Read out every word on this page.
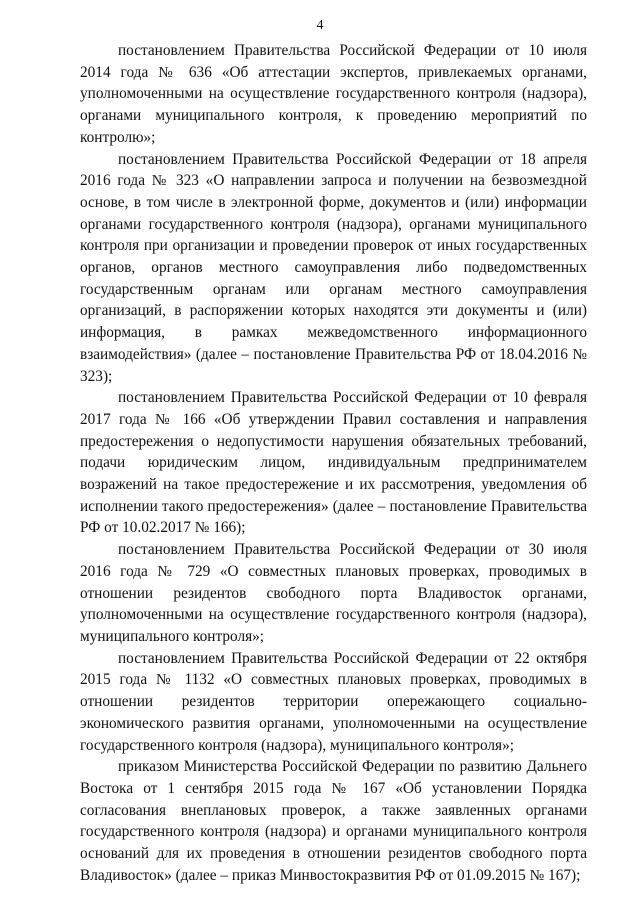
4

постановлением Правительства Российской Федерации от 10 июля 2014 года № 636 «Об аттестации экспертов, привлекаемых органами, уполномоченными на осуществление государственного контроля (надзора), органами муниципального контроля, к проведению мероприятий по контролю»;

постановлением Правительства Российской Федерации от 18 апреля 2016 года № 323 «О направлении запроса и получении на безвозмездной основе, в том числе в электронной форме, документов и (или) информации органами государственного контроля (надзора), органами муниципального контроля при организации и проведении проверок от иных государственных органов, органов местного самоуправления либо подведомственных государственным органам или органам местного самоуправления организаций, в распоряжении которых находятся эти документы и (или) информация, в рамках межведомственного информационного взаимодействия» (далее – постановление Правительства РФ от 18.04.2016 № 323);

постановлением Правительства Российской Федерации от 10 февраля 2017 года № 166 «Об утверждении Правил составления и направления предостережения о недопустимости нарушения обязательных требований, подачи юридическим лицом, индивидуальным предпринимателем возражений на такое предостережение и их рассмотрения, уведомления об исполнении такого предостережения» (далее – постановление Правительства РФ от 10.02.2017 № 166);

постановлением Правительства Российской Федерации от 30 июля 2016 года № 729 «О совместных плановых проверках, проводимых в отношении резидентов свободного порта Владивосток органами, уполномоченными на осуществление государственного контроля (надзора), муниципального контроля»;

постановлением Правительства Российской Федерации от 22 октября 2015 года № 1132 «О совместных плановых проверках, проводимых в отношении резидентов территории опережающего социально-экономического развития органами, уполномоченными на осуществление государственного контроля (надзора), муниципального контроля»;

приказом Министерства Российской Федерации по развитию Дальнего Востока от 1 сентября 2015 года № 167 «Об установлении Порядка согласования внеплановых проверок, а также заявленных органами государственного контроля (надзора) и органами муниципального контроля оснований для их проведения в отношении резидентов свободного порта Владивосток» (далее – приказ Минвостокразвития РФ от 01.09.2015 № 167);
